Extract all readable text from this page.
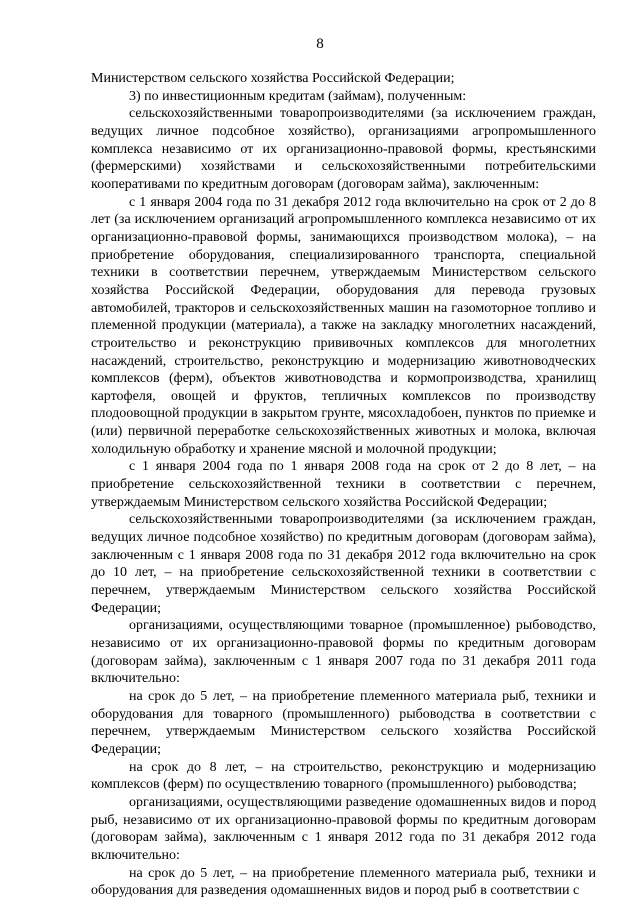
8

Министерством сельского хозяйства Российской Федерации;

3) по инвестиционным кредитам (займам), полученным:

сельскохозяйственными товаропроизводителями (за исключением граждан, ведущих личное подсобное хозяйство), организациями агропромышленного комплекса независимо от их организационно-правовой формы, крестьянскими (фермерскими) хозяйствами и сельскохозяйственными потребительскими кооперативами по кредитным договорам (договорам займа), заключенным:

с 1 января 2004 года по 31 декабря 2012 года включительно на срок от 2 до 8 лет (за исключением организаций агропромышленного комплекса независимо от их организационно-правовой формы, занимающихся производством молока), – на приобретение оборудования, специализированного транспорта, специальной техники в соответствии перечнем, утверждаемым Министерством сельского хозяйства Российской Федерации, оборудования для перевода грузовых автомобилей, тракторов и сельскохозяйственных машин на газомоторное топливо и племенной продукции (материала), а также на закладку многолетних насаждений, строительство и реконструкцию прививочных комплексов для многолетних насаждений, строительство, реконструкцию и модернизацию животноводческих комплексов (ферм), объектов животноводства и кормопроизводства, хранилищ картофеля, овощей и фруктов, тепличных комплексов по производству плодоовощной продукции в закрытом грунте, мясохладобоен, пунктов по приемке и (или) первичной переработке сельскохозяйственных животных и молока, включая холодильную обработку и хранение мясной и молочной продукции;

с 1 января 2004 года по 1 января 2008 года на срок от 2 до 8 лет, – на приобретение сельскохозяйственной техники в соответствии с перечнем, утверждаемым Министерством сельского хозяйства Российской Федерации;

сельскохозяйственными товаропроизводителями (за исключением граждан, ведущих личное подсобное хозяйство) по кредитным договорам (договорам займа), заключенным с 1 января 2008 года по 31 декабря 2012 года включительно на срок до 10 лет, – на приобретение сельскохозяйственной техники в соответствии с перечнем, утверждаемым Министерством сельского хозяйства Российской Федерации;

организациями, осуществляющими товарное (промышленное) рыбоводство, независимо от их организационно-правовой формы по кредитным договорам (договорам займа), заключенным с 1 января 2007 года по 31 декабря 2011 года включительно:

на срок до 5 лет, – на приобретение племенного материала рыб, техники и оборудования для товарного (промышленного) рыбоводства в соответствии с перечнем, утверждаемым Министерством сельского хозяйства Российской Федерации;

на срок до 8 лет, – на строительство, реконструкцию и модернизацию комплексов (ферм) по осуществлению товарного (промышленного) рыбоводства;

организациями, осуществляющими разведение одомашненных видов и пород рыб, независимо от их организационно-правовой формы по кредитным договорам (договорам займа), заключенным с 1 января 2012 года по 31 декабря 2012 года включительно:

на срок до 5 лет, – на приобретение племенного материала рыб, техники и оборудования для разведения одомашненных видов и пород рыб в соответствии с
